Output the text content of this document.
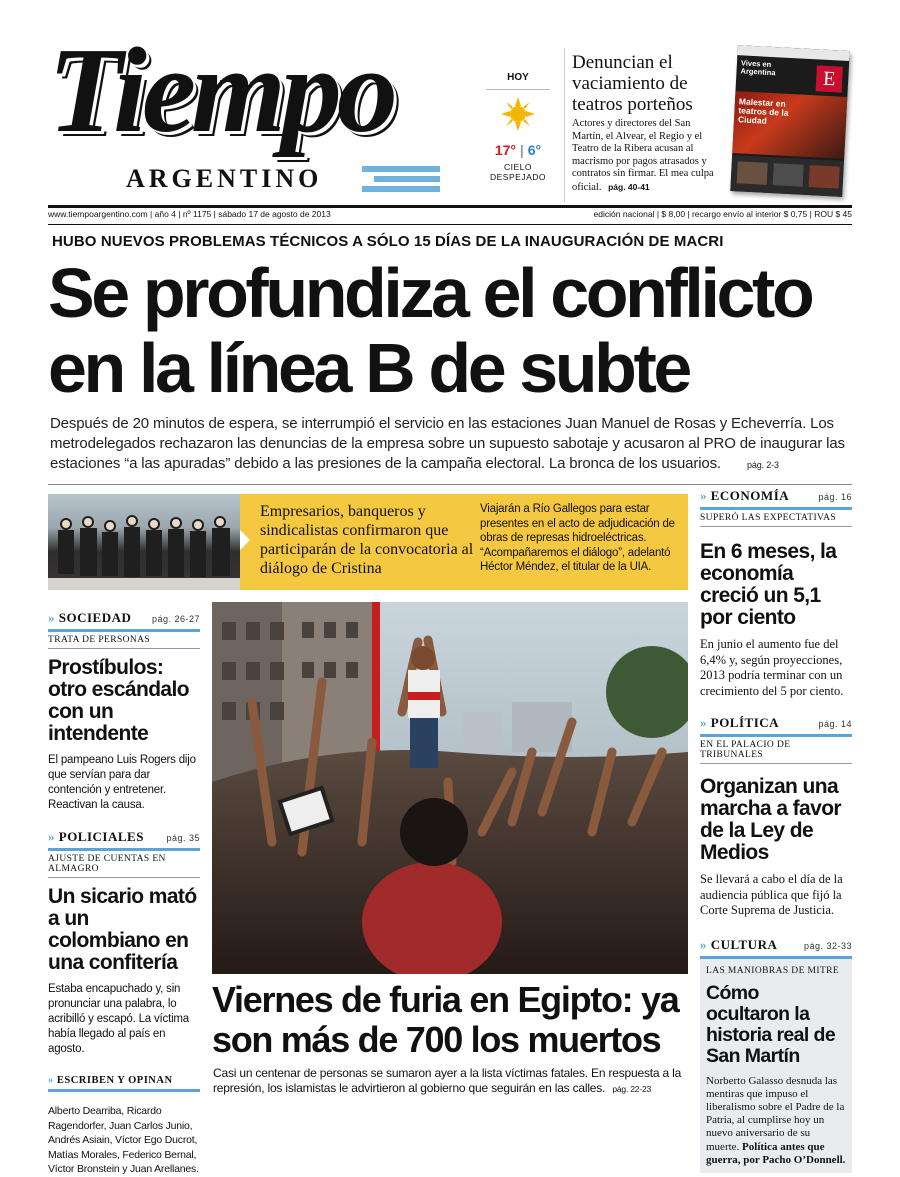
Tiempo
ARGENTINO
HOY
17° | 6°
CIELO
DESPEJADO
Denuncian el vaciamiento de teatros porteños
Actores y directores del San Martín, el Alvear, el Regio y el Teatro de la Ribera acusan al macrismo por pagos atrasados y contratos sin firmar. El mea culpa oficial. pág. 40-41
Vives en Argentina	E
Malestar en teatros de la Ciudad
www.tiempoargentino.com | año 4 | nº 1175 | sábado 17 de agosto de 2013	edición nacional | $ 8,00 | recargo envío al interior $ 0,75 | ROU $ 45
HUBO NUEVOS PROBLEMAS TÉCNICOS A SÓLO 15 DÍAS DE LA INAUGURACIÓN DE MACRI
Se profundiza el conflicto
en la línea B de subte
Después de 20 minutos de espera, se interrumpió el servicio en las estaciones Juan Manuel de Rosas y Echeverría. Los metrodelegados rechazaron las denuncias de la empresa sobre un supuesto sabotaje y acusaron al PRO de inaugurar las estaciones “a las apuradas” debido a las presiones de la campaña electoral. La bronca de los usuarios.	pág. 2-3
Empresarios, banqueros y sindicalistas confirmaron que participarán de la convocatoria al diálogo de Cristina
Viajarán a Río Gallegos para estar presentes en el acto de adjudicación de obras de represas hidroeléctricas. “Acompañaremos el diálogo”, adelantó Héctor Méndez, el titular de la UIA.
» SOCIEDAD pág. 26-27
TRATA DE PERSONAS
Prostíbulos: otro escándalo con un intendente
El pampeano Luis Rogers dijo que servían para dar contención y entretener. Reactivan la causa.
» POLICIALES	pág. 35
AJUSTE DE CUENTAS EN ALMAGRO
Un sicario mató a un colombiano en una confitería
Estaba encapuchado y, sin pronunciar una palabra, lo acribilló y escapó. La víctima había llegado al país en agosto.
» ESCRIBEN Y OPINAN
Alberto Dearriba, Ricardo Ragendorfer, Juan Carlos Junio, Andrés Asiain, Víctor Ego Ducrot, Matías Morales, Federico Bernal, Víctor Bronstein y Juan Arellanes.
Viernes de furia en Egipto: ya
son más de 700 los muertos
Casi un centenar de personas se sumaron ayer a la lista víctimas fatales. En respuesta a la represión, los islamistas le advirtieron al gobierno que seguirán en las calles. pág. 22-23
» ECONOMÍA	pág. 16
SUPERÓ LAS EXPECTATIVAS
En 6 meses, la economía creció un 5,1 por ciento
En junio el aumento fue del 6,4% y, según proyecciones, 2013 podría terminar con un crecimiento del 5 por ciento.
» POLÍTICA	pág. 14
EN EL PALACIO DE TRIBUNALES
Organizan una marcha a favor de la Ley de Medios
Se llevará a cabo el día de la audiencia pública que fijó la Corte Suprema de Justicia.
» CULTURA	pág. 32-33
LAS MANIOBRAS DE MITRE
Cómo ocultaron la historia real de San Martín
Norberto Galasso desnuda las mentiras que impuso el liberalismo sobre el Padre de la Patria, al cumplirse hoy un nuevo aniversario de su muerte. Política antes que guerra, por Pacho O’Donnell.
